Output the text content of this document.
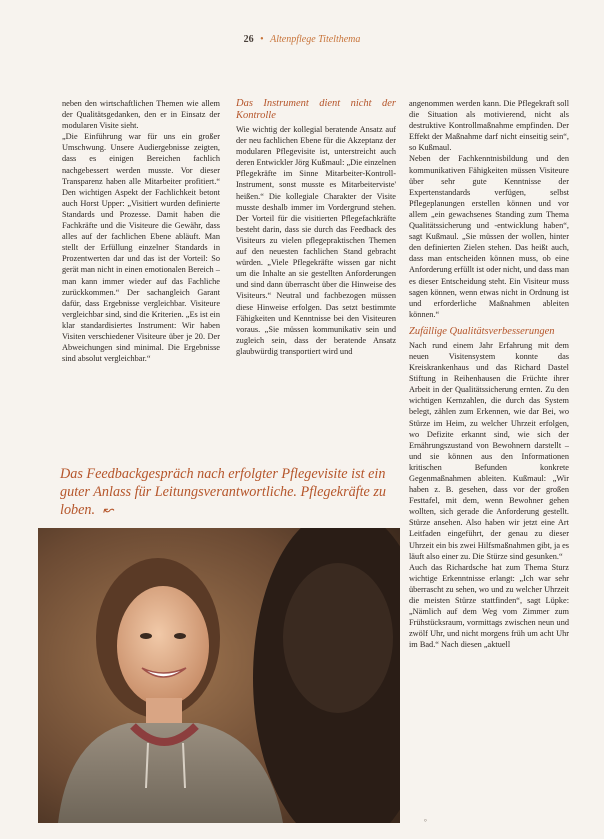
26 • Altenpflege Titelthema

neben den wirtschaftlichen Themen wie allem der Qualitätsgedanken, den er in Einsatz der modularen Visite sieht.

„Die Einführung war für uns ein großer Umschwung. Unsere Audiergebnisse zeigten, dass es einigen Bereichen fachlich nachgebessert werden musste. Vor dieser Transparenz haben alle Mitarbeiter profitiert.“ Den wichtigen Aspekt der Fachlichkeit betont auch Horst Upper: „Visitiert wurden definierte Standards und Prozesse. Damit haben die Fachkräfte und die Visiteure die Gewähr, dass alles auf der fachlichen Ebene abläuft. Man stellt der Erfüllung einzelner Standards in Prozentwerten dar und das ist der Vorteil: So gerät man nicht in einen emotionalen Bereich – man kann immer wieder auf das Fachliche zurückkommen.“ Der sachangleich Garant dafür, dass Ergebnisse vergleichbar. Visiteure vergleichbar sind, sind die Kriterien. „Es ist ein klar standardisiertes Instrument: Wir haben Visiten verschiedener Visiteure über je 20. Der Abweichungen sind minimal. Die Ergebnisse sind absolut vergleichbar.“

Das Instrument dient nicht der Kontrolle

Wie wichtig der kollegial beratende Ansatz auf der neu fachlichen Ebene für die Akzeptanz der modularen Pflegevisite ist, unterstreicht auch deren Entwickler Jörg Kußmaul: „Die einzelnen Pflegekräfte im Sinne Mitarbeiter-Kontroll-Instrument, sonst musste es Mitarbeiterviste' heißen.“ Die kollegiale Charakter der Visite musste deshalb immer im Vordergrund stehen. Der Vorteil für die visitierten Pflegefachkräfte besteht darin, dass sie durch das Feedback des Visiteurs zu vielen pflegepraktischen Themen auf den neuesten fachlichen Stand gebracht würden. „Viele Pflegekräfte wissen gar nicht um die Inhalte an sie gestellten Anforderungen und sind dann überrascht über die Hinweise des Visiteurs.“ Neutral und fachbezogen müssen diese Hinweise erfolgen. Das setzt bestimmte Fähigkeiten und Kenntnisse bei den Visiteuren voraus. „Sie müssen kommunikativ sein und zugleich sein, dass der beratende Ansatz glaubwürdig transportiert wird und

angenommen werden kann. Die Pflegekraft soll die Situation als motivierend, nicht als destruktive Kontrollmaßnahme empfinden. Der Effekt der Maßnahme darf nicht einseitig sein“, so Kußmaul.

Neben der Fachkenntnisbildung und den kommunikativen Fähigkeiten müssen Visiteure über sehr gute Kenntnisse der Expertenstandards verfügen, selbst Pflegeplanungen erstellen können und vor allem „ein gewachsenes Standing zum Thema Qualitätssicherung und -entwicklung haben“, sagt Kußmaul. „Sie müssen der wollen, hinter den definierten Zielen stehen. Das heißt auch, dass man entscheiden können muss, ob eine Anforderung erfüllt ist oder nicht, und dass man es dieser Entscheidung steht. Ein Visiteur muss sagen können, wenn etwas nicht in Ordnung ist und erforderliche Maßnahmen ableiten können.“

Zufällige Qualitätsverbesserungen

Nach rund einem Jahr Erfahrung mit dem neuen Visitensystem konnte das Kreiskrankenhaus und das Richard Dastel Stiftung in Reihenhausen die Früchte ihrer Arbeit in der Qualitätssicherung ernten. Zu den wichtigen Kernzahlen, die durch das System belegt, zählen zum Erkennen, wie dar Bei, wo Stürze im Heim, zu welcher Uhrzeit erfolgen, wo Defizite erkannt sind, wie sich der Ernährungszustand von Bewohnern darstellt – und sie können aus den Informationen kritischen Befunden konkrete Gegenmaßnahmen ableiten. Kußmaul: „Wir haben z. B. gesehen, dass vor der großen Festtafel, mit dem, wenn Bewohner gehen wollten, sich gerade die Anforderung gestellt. Stürze ansehen. Also haben wir jetzt eine Art Leitfaden eingeführt, der genau zu dieser Uhrzeit ein bis zwei Hilfsmaßnahmen gibt, ja es läuft also einer zu. Die Stürze sind gesunken.“

Auch das Richardsche hat zum Thema Sturz wichtige Erkenntnisse erlangt: „Ich war sehr überrascht zu sehen, wo und zu welcher Uhrzeit die meisten Stürze stattfinden“, sagt Lüpke: „Nämlich auf dem Weg vom Zimmer zum Frühstücksraum, vormittags zwischen neun und zwölf Uhr, und nicht morgens früh um acht Uhr im Bad.“ Nach diesen „aktuell

Das Feedbackgespräch nach erfolgter Pflegevisite ist ein guter Anlass für Leitungsverantwortliche. Pflegekräfte zu loben. ↜
°
